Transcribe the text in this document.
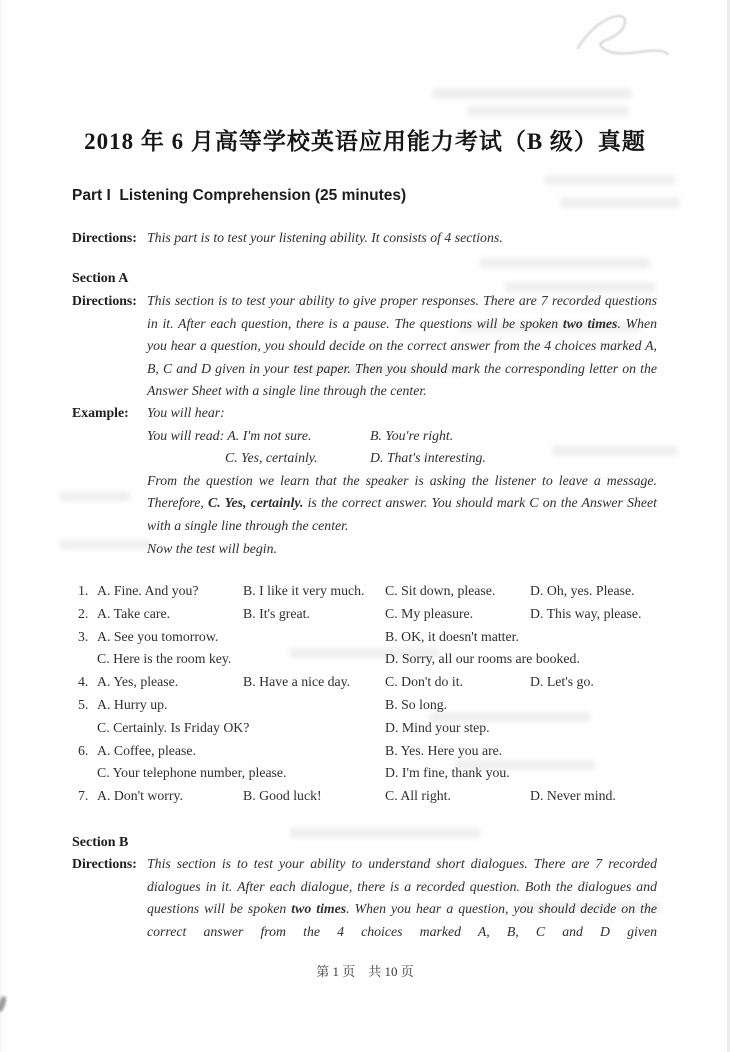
2018 年 6 月高等学校英语应用能力考试（B 级）真题
Part I  Listening Comprehension (25 minutes)
Directions: This part is to test your listening ability. It consists of 4 sections.
Section A
Directions: This section is to test your ability to give proper responses. There are 7 recorded questions in it. After each question, there is a pause. The questions will be spoken two times. When you hear a question, you should decide on the correct answer from the 4 choices marked A, B, C and D given in your test paper. Then you should mark the corresponding letter on the Answer Sheet with a single line through the center.
Example:	You will hear:
You will read: A. I'm not sure.	B. You're right.
C. Yes, certainly.	D. That's interesting.
From the question we learn that the speaker is asking the listener to leave a message. Therefore, C. Yes, certainly. is the correct answer. You should mark C on the Answer Sheet with a single line through the center.
Now the test will begin.
1. A. Fine. And you?	B. I like it very much.	C. Sit down, please.	D. Oh, yes. Please.
2. A. Take care.	B. It's great.	C. My pleasure.	D. This way, please.
3. A. See you tomorrow.	B. OK, it doesn't matter.
C. Here is the room key.	D. Sorry, all our rooms are booked.
4. A. Yes, please.	B. Have a nice day.	C. Don't do it.	D. Let's go.
5. A. Hurry up.	B. So long.
C. Certainly. Is Friday OK?	D. Mind your step.
6. A. Coffee, please.	B. Yes. Here you are.
C. Your telephone number, please.	D. I'm fine, thank you.
7. A. Don't worry.	B. Good luck!	C. All right.	D. Never mind.
Section B
Directions: This section is to test your ability to understand short dialogues. There are 7 recorded dialogues in it. After each dialogue, there is a recorded question. Both the dialogues and questions will be spoken two times. When you hear a question, you should decide on the correct answer from the 4 choices marked A, B, C and D given
第 1 页　共 10 页
